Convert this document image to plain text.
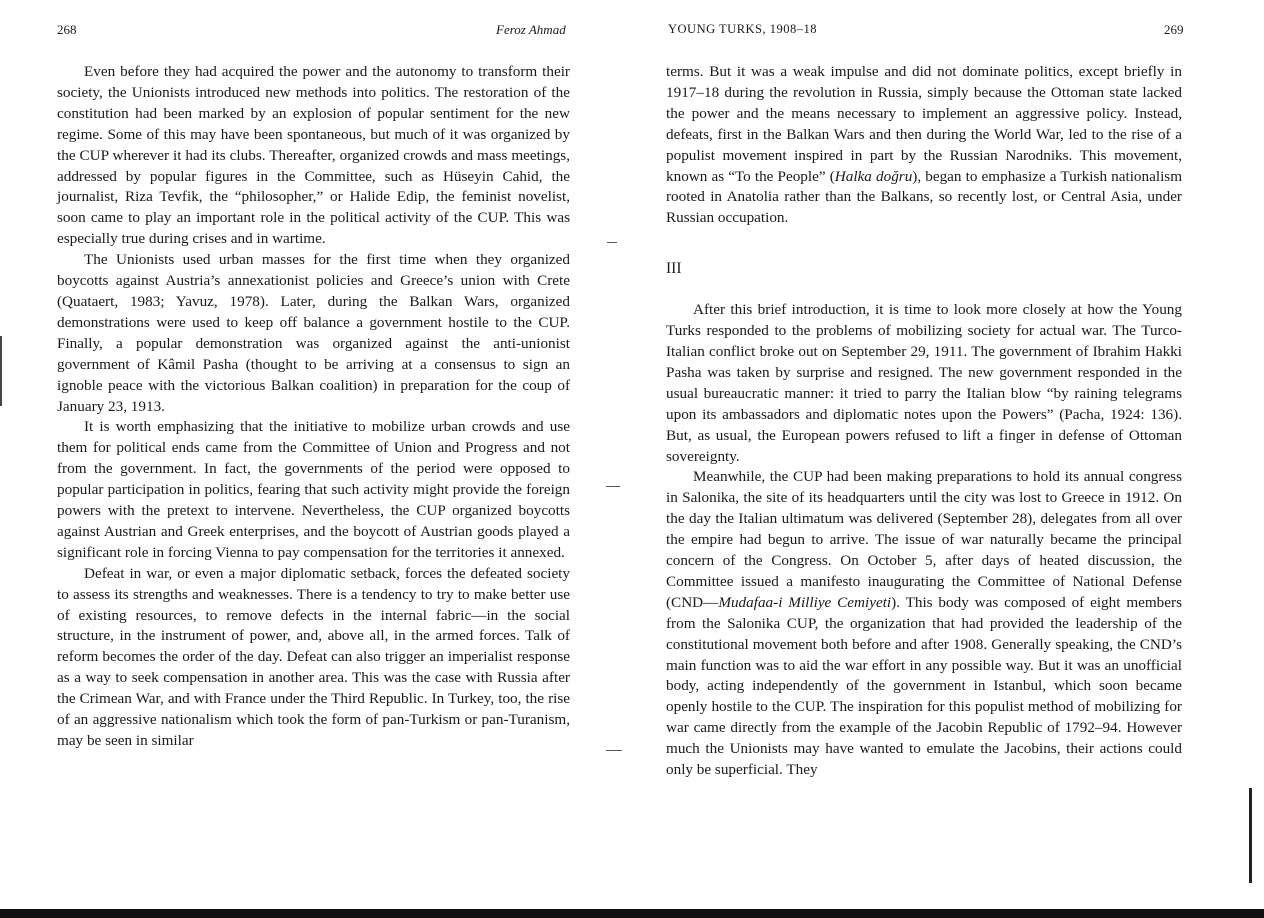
268	Feroz Ahmad

Even before they had acquired the power and the autonomy to transform their society, the Unionists introduced new methods into politics. The restoration of the constitution had been marked by an explosion of popular sentiment for the new regime. Some of this may have been spontaneous, but much of it was organized by the CUP wherever it had its clubs. Thereafter, organized crowds and mass meetings, addressed by popular figures in the Committee, such as Hüseyin Cahid, the journalist, Riza Tevfik, the “philosopher,” or Halide Edip, the feminist novelist, soon came to play an important role in the political activity of the CUP. This was especially true during crises and in wartime.

The Unionists used urban masses for the first time when they organized boycotts against Austria’s annexationist policies and Greece’s union with Crete (Quataert, 1983; Yavuz, 1978). Later, during the Balkan Wars, organized demonstrations were used to keep off balance a government hostile to the CUP. Finally, a popular demonstration was organized against the anti-unionist government of Kâmil Pasha (thought to be arriving at a consensus to sign an ignoble peace with the victorious Balkan coalition) in preparation for the coup of January 23, 1913.

It is worth emphasizing that the initiative to mobilize urban crowds and use them for political ends came from the Committee of Union and Progress and not from the government. In fact, the governments of the period were opposed to popular participation in politics, fearing that such activity might provide the foreign powers with the pretext to intervene. Nevertheless, the CUP organized boycotts against Austrian and Greek enterprises, and the boycott of Austrian goods played a significant role in forcing Vienna to pay compensation for the territories it annexed.

Defeat in war, or even a major diplomatic setback, forces the defeated society to assess its strengths and weaknesses. There is a tendency to try to make better use of existing resources, to remove defects in the internal fabric—in the social structure, in the instrument of power, and, above all, in the armed forces. Talk of reform becomes the order of the day. Defeat can also trigger an imperialist response as a way to seek compensation in another area. This was the case with Russia after the Crimean War, and with France under the Third Republic. In Turkey, too, the rise of an aggressive nationalism which took the form of pan-Turkism or pan-Turanism, may be seen in similar

YOUNG TURKS, 1908–18	269

terms. But it was a weak impulse and did not dominate politics, except briefly in 1917–18 during the revolution in Russia, simply because the Ottoman state lacked the power and the means necessary to implement an aggressive policy. Instead, defeats, first in the Balkan Wars and then during the World War, led to the rise of a populist movement inspired in part by the Russian Narodniks. This movement, known as “To the People” (Halka doğru), began to emphasize a Turkish nationalism rooted in Anatolia rather than the Balkans, so recently lost, or Central Asia, under Russian occupation.

III

After this brief introduction, it is time to look more closely at how the Young Turks responded to the problems of mobilizing society for actual war. The Turco-Italian conflict broke out on September 29, 1911. The government of Ibrahim Hakki Pasha was taken by surprise and resigned. The new government responded in the usual bureaucratic manner: it tried to parry the Italian blow “by raining telegrams upon its ambassadors and diplomatic notes upon the Powers” (Pacha, 1924: 136). But, as usual, the European powers refused to lift a finger in defense of Ottoman sovereignty.

Meanwhile, the CUP had been making preparations to hold its annual congress in Salonika, the site of its headquarters until the city was lost to Greece in 1912. On the day the Italian ultimatum was delivered (September 28), delegates from all over the empire had begun to arrive. The issue of war naturally became the principal concern of the Congress. On October 5, after days of heated discussion, the Committee issued a manifesto inaugurating the Committee of National Defense (CND—Mudafaa-i Milliye Cemiyeti). This body was composed of eight members from the Salonika CUP, the organization that had provided the leadership of the constitutional movement both before and after 1908. Generally speaking, the CND’s main function was to aid the war effort in any possible way. But it was an unofficial body, acting independently of the government in Istanbul, which soon became openly hostile to the CUP. The inspiration for this populist method of mobilizing for war came directly from the example of the Jacobin Republic of 1792–94. However much the Unionists may have wanted to emulate the Jacobins, their actions could only be superficial. They
